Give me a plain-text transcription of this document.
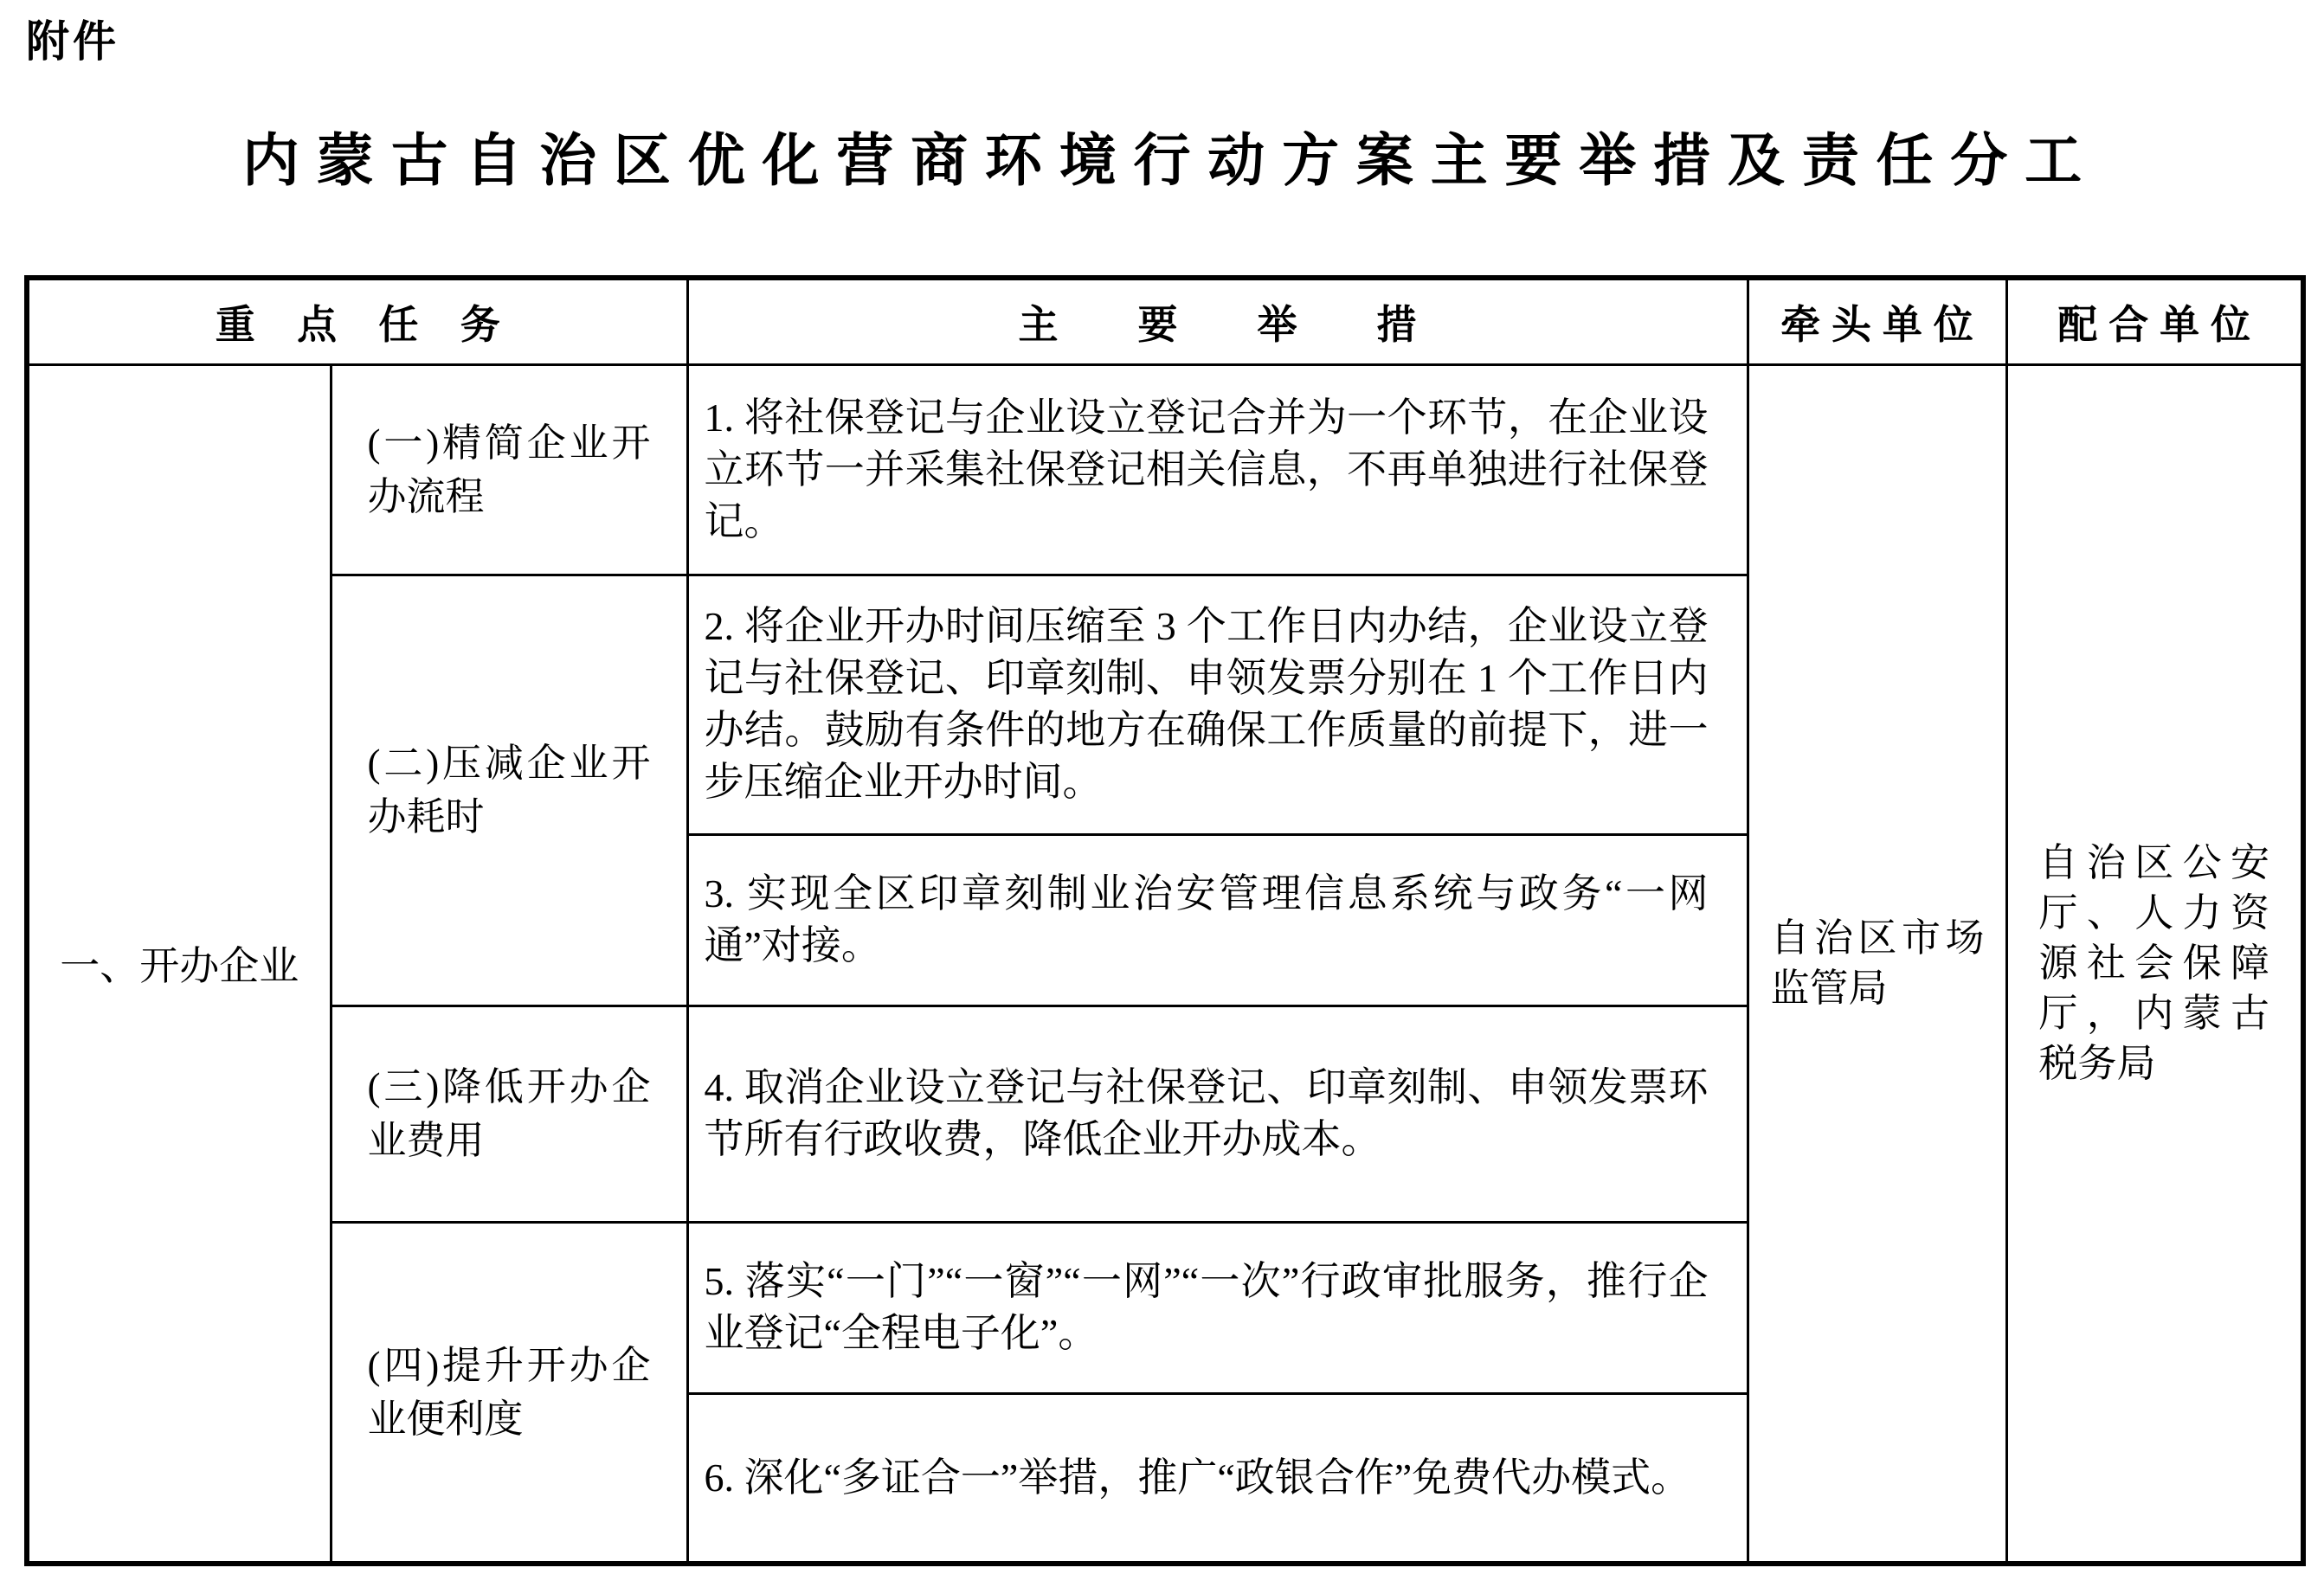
附件
内蒙古自治区优化营商环境行动方案主要举措及责任分工
重点任务		主要举措	牵头单位	配合单位
一、开办企业	(一)精简企业开办流程	1. 将社保登记与企业设立登记合并为一个环节，在企业设立环节一并采集社保登记相关信息，不再单独进行社保登记。	自治区市场监管局	自治区公安厅、人力资源社会保障厅，内蒙古税务局
	(二)压减企业开办耗时	2. 将企业开办时间压缩至 3 个工作日内办结，企业设立登记与社保登记、印章刻制、申领发票分别在 1 个工作日内办结。鼓励有条件的地方在确保工作质量的前提下，进一步压缩企业开办时间。		
		3. 实现全区印章刻制业治安管理信息系统与政务“一网通”对接。		
	(三)降低开办企业费用	4. 取消企业设立登记与社保登记、印章刻制、申领发票环节所有行政收费，降低企业开办成本。		
	(四)提升开办企业便利度	5. 落实“一门”“一窗”“一网”“一次”行政审批服务，推行企业登记“全程电子化”。		
		6. 深化“多证合一”举措，推广“政银合作”免费代办模式。		
